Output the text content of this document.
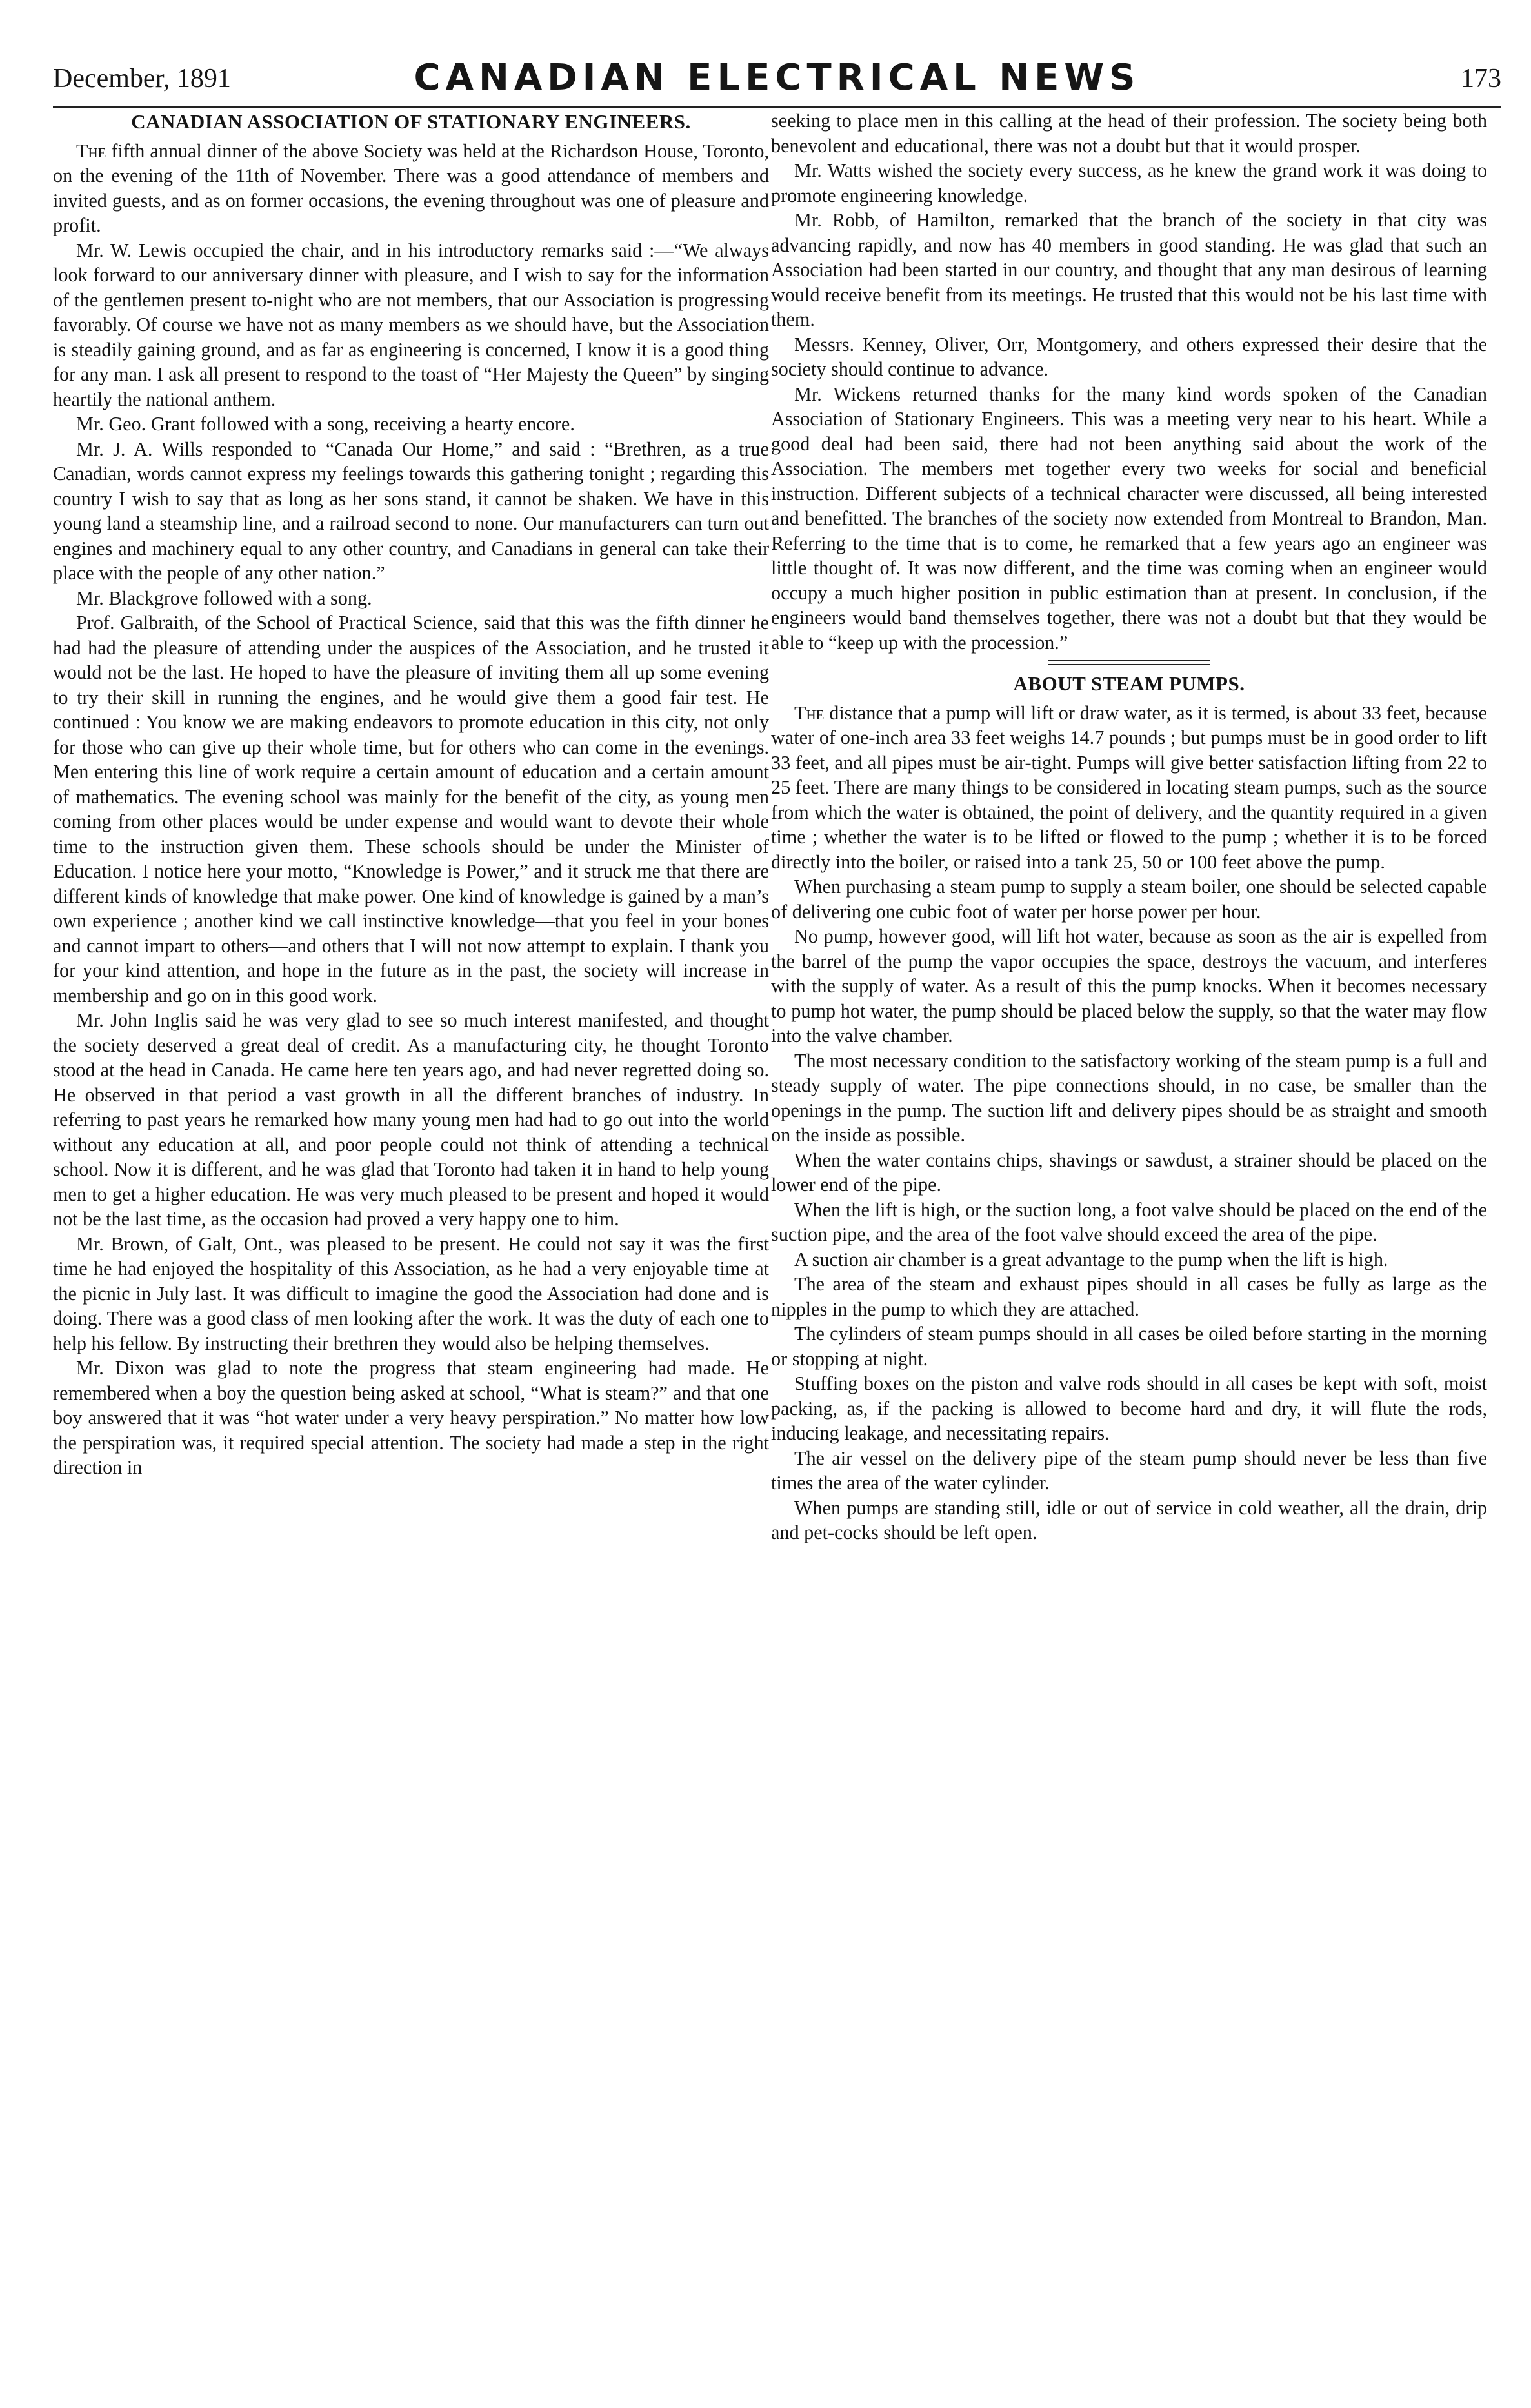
December, 1891	CANADIAN ELECTRICAL NEWS	173
CANADIAN ASSOCIATION OF STATIONARY ENGINEERS.

The fifth annual dinner of the above Society was held at the Richardson House, Toronto, on the evening of the 11th of November. There was a good attendance of members and invited guests, and as on former occasions, the evening throughout was one of pleasure and profit.

Mr. W. Lewis occupied the chair, and in his introductory remarks said :—“We always look forward to our anniversary dinner with pleasure, and I wish to say for the information of the gentlemen present to-night who are not members, that our Association is progressing favorably. Of course we have not as many members as we should have, but the Association is steadily gaining ground, and as far as engineering is concerned, I know it is a good thing for any man. I ask all present to respond to the toast of “Her Majesty the Queen” by singing heartily the national anthem.

Mr. Geo. Grant followed with a song, receiving a hearty encore.

Mr. J. A. Wills responded to “Canada Our Home,” and said : “Brethren, as a true Canadian, words cannot express my feelings towards this gathering tonight ; regarding this country I wish to say that as long as her sons stand, it cannot be shaken. We have in this young land a steamship line, and a railroad second to none. Our manufacturers can turn out engines and machinery equal to any other country, and Canadians in general can take their place with the people of any other nation.”

Mr. Blackgrove followed with a song.

Prof. Galbraith, of the School of Practical Science, said that this was the fifth dinner he had had the pleasure of attending under the auspices of the Association, and he trusted it would not be the last. He hoped to have the pleasure of inviting them all up some evening to try their skill in running the engines, and he would give them a good fair test. He continued : You know we are making endeavors to promote education in this city, not only for those who can give up their whole time, but for others who can come in the evenings. Men entering this line of work require a certain amount of education and a certain amount of mathematics. The evening school was mainly for the benefit of the city, as young men coming from other places would be under expense and would want to devote their whole time to the instruction given them. These schools should be under the Minister of Education. I notice here your motto, “Knowledge is Power,” and it struck me that there are different kinds of knowledge that make power. One kind of knowledge is gained by a man’s own experience ; another kind we call instinctive knowledge—that you feel in your bones and cannot impart to others—and others that I will not now attempt to explain. I thank you for your kind attention, and hope in the future as in the past, the society will increase in membership and go on in this good work.

Mr. John Inglis said he was very glad to see so much interest manifested, and thought the society deserved a great deal of credit. As a manufacturing city, he thought Toronto stood at the head in Canada. He came here ten years ago, and had never regretted doing so. He observed in that period a vast growth in all the different branches of industry. In referring to past years he remarked how many young men had had to go out into the world without any education at all, and poor people could not think of attending a technical school. Now it is different, and he was glad that Toronto had taken it in hand to help young men to get a higher education. He was very much pleased to be present and hoped it would not be the last time, as the occasion had proved a very happy one to him.

Mr. Brown, of Galt, Ont., was pleased to be present. He could not say it was the first time he had enjoyed the hospitality of this Association, as he had a very enjoyable time at the picnic in July last. It was difficult to imagine the good the Association had done and is doing. There was a good class of men looking after the work. It was the duty of each one to help his fellow. By instructing their brethren they would also be helping themselves.

Mr. Dixon was glad to note the progress that steam engineering had made. He remembered when a boy the question being asked at school, “What is steam?” and that one boy answered that it was “hot water under a very heavy perspiration.” No matter how low the perspiration was, it required special attention. The society had made a step in the right direction in

seeking to place men in this calling at the head of their profession. The society being both benevolent and educational, there was not a doubt but that it would prosper.

Mr. Watts wished the society every success, as he knew the grand work it was doing to promote engineering knowledge.

Mr. Robb, of Hamilton, remarked that the branch of the society in that city was advancing rapidly, and now has 40 members in good standing. He was glad that such an Association had been started in our country, and thought that any man desirous of learning would receive benefit from its meetings. He trusted that this would not be his last time with them.

Messrs. Kenney, Oliver, Orr, Montgomery, and others expressed their desire that the society should continue to advance.

Mr. Wickens returned thanks for the many kind words spoken of the Canadian Association of Stationary Engineers. This was a meeting very near to his heart. While a good deal had been said, there had not been anything said about the work of the Association. The members met together every two weeks for social and beneficial instruction. Different subjects of a technical character were discussed, all being interested and benefitted. The branches of the society now extended from Montreal to Brandon, Man. Referring to the time that is to come, he remarked that a few years ago an engineer was little thought of. It was now different, and the time was coming when an engineer would occupy a much higher position in public estimation than at present. In conclusion, if the engineers would band themselves together, there was not a doubt but that they would be able to “keep up with the procession.”

ABOUT STEAM PUMPS.

The distance that a pump will lift or draw water, as it is termed, is about 33 feet, because water of one-inch area 33 feet weighs 14.7 pounds ; but pumps must be in good order to lift 33 feet, and all pipes must be air-tight. Pumps will give better satisfaction lifting from 22 to 25 feet. There are many things to be considered in locating steam pumps, such as the source from which the water is obtained, the point of delivery, and the quantity required in a given time ; whether the water is to be lifted or flowed to the pump ; whether it is to be forced directly into the boiler, or raised into a tank 25, 50 or 100 feet above the pump.

When purchasing a steam pump to supply a steam boiler, one should be selected capable of delivering one cubic foot of water per horse power per hour.

No pump, however good, will lift hot water, because as soon as the air is expelled from the barrel of the pump the vapor occupies the space, destroys the vacuum, and interferes with the supply of water. As a result of this the pump knocks. When it becomes necessary to pump hot water, the pump should be placed below the supply, so that the water may flow into the valve chamber.

The most necessary condition to the satisfactory working of the steam pump is a full and steady supply of water. The pipe connections should, in no case, be smaller than the openings in the pump. The suction lift and delivery pipes should be as straight and smooth on the inside as possible.

When the water contains chips, shavings or sawdust, a strainer should be placed on the lower end of the pipe.

When the lift is high, or the suction long, a foot valve should be placed on the end of the suction pipe, and the area of the foot valve should exceed the area of the pipe.

A suction air chamber is a great advantage to the pump when the lift is high.

The area of the steam and exhaust pipes should in all cases be fully as large as the nipples in the pump to which they are attached.

The cylinders of steam pumps should in all cases be oiled before starting in the morning or stopping at night.

Stuffing boxes on the piston and valve rods should in all cases be kept with soft, moist packing, as, if the packing is allowed to become hard and dry, it will flute the rods, inducing leakage, and necessitating repairs.

The air vessel on the delivery pipe of the steam pump should never be less than five times the area of the water cylinder.

When pumps are standing still, idle or out of service in cold weather, all the drain, drip and pet-cocks should be left open.
